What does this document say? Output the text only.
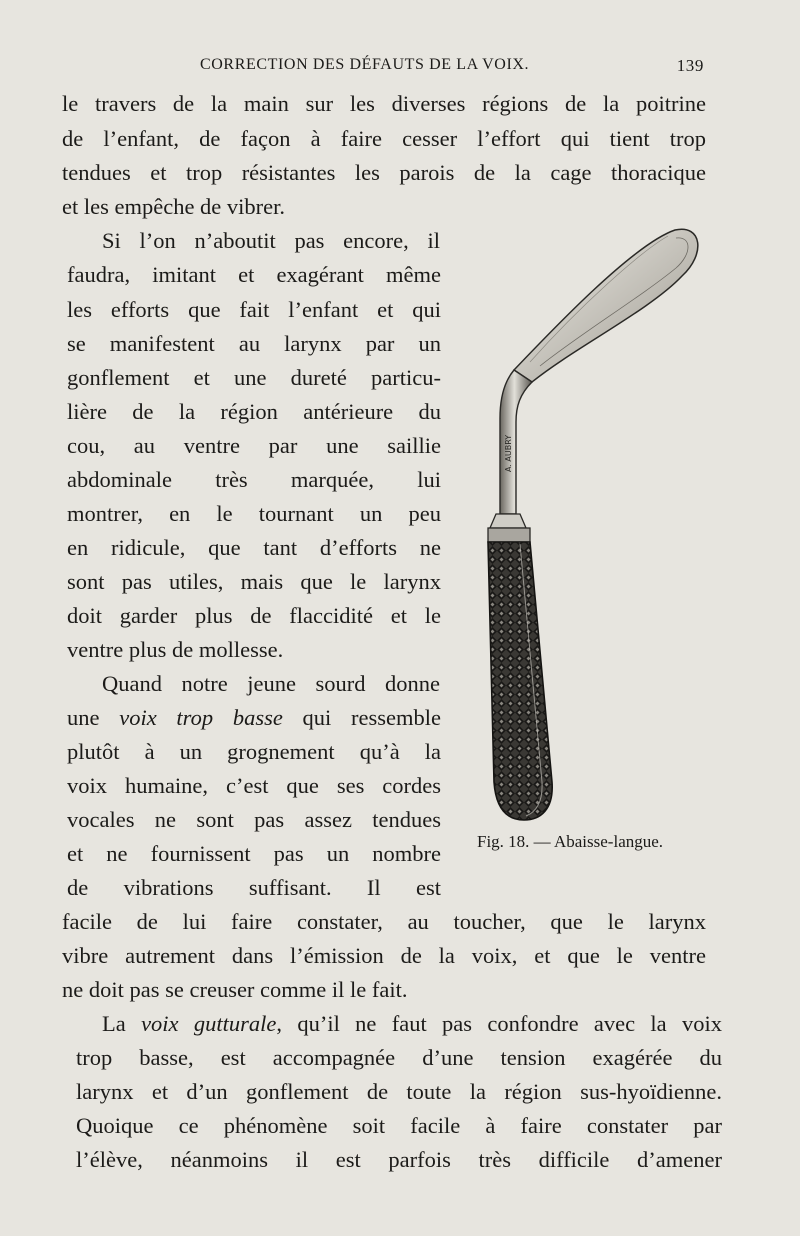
CORRECTION DES DÉFAUTS DE LA VOIX.	139
le travers de la main sur les diverses régions de la poitrine
de l’enfant, de façon à faire cesser l’effort qui tient trop
tendues et trop résistantes les parois de la cage thoracique
et les empêche de vibrer.
Si l’on n’aboutit pas encore, il
faudra, imitant et exagérant même
les efforts que fait l’enfant et qui
se manifestent au larynx par un
gonflement et une dureté particu-
lière de la région antérieure du
cou, au ventre par une saillie
abdominale très marquée, lui
montrer, en le tournant un peu
en ridicule, que tant d’efforts ne
sont pas utiles, mais que le larynx
doit garder plus de flaccidité et le
ventre plus de mollesse.
Quand notre jeune sourd donne
une voix trop basse qui ressemble
plutôt à un grognement qu’à la
voix humaine, c’est que ses cordes
vocales ne sont pas assez tendues
et ne fournissent pas un nombre
de vibrations suffisant. Il est
facile de lui faire constater, au toucher, que le larynx
vibre autrement dans l’émission de la voix, et que le ventre
ne doit pas se creuser comme il le fait.
La voix gutturale, qu’il ne faut pas confondre avec la voix
trop basse, est accompagnée d’une tension exagérée du
larynx et d’un gonflement de toute la région sus-hyoïdienne.
Quoique ce phénomène soit facile à faire constater par
l’élève, néanmoins il est parfois très difficile d’amener
A. AUBRY
Fig. 18. — Abaisse-langue.
